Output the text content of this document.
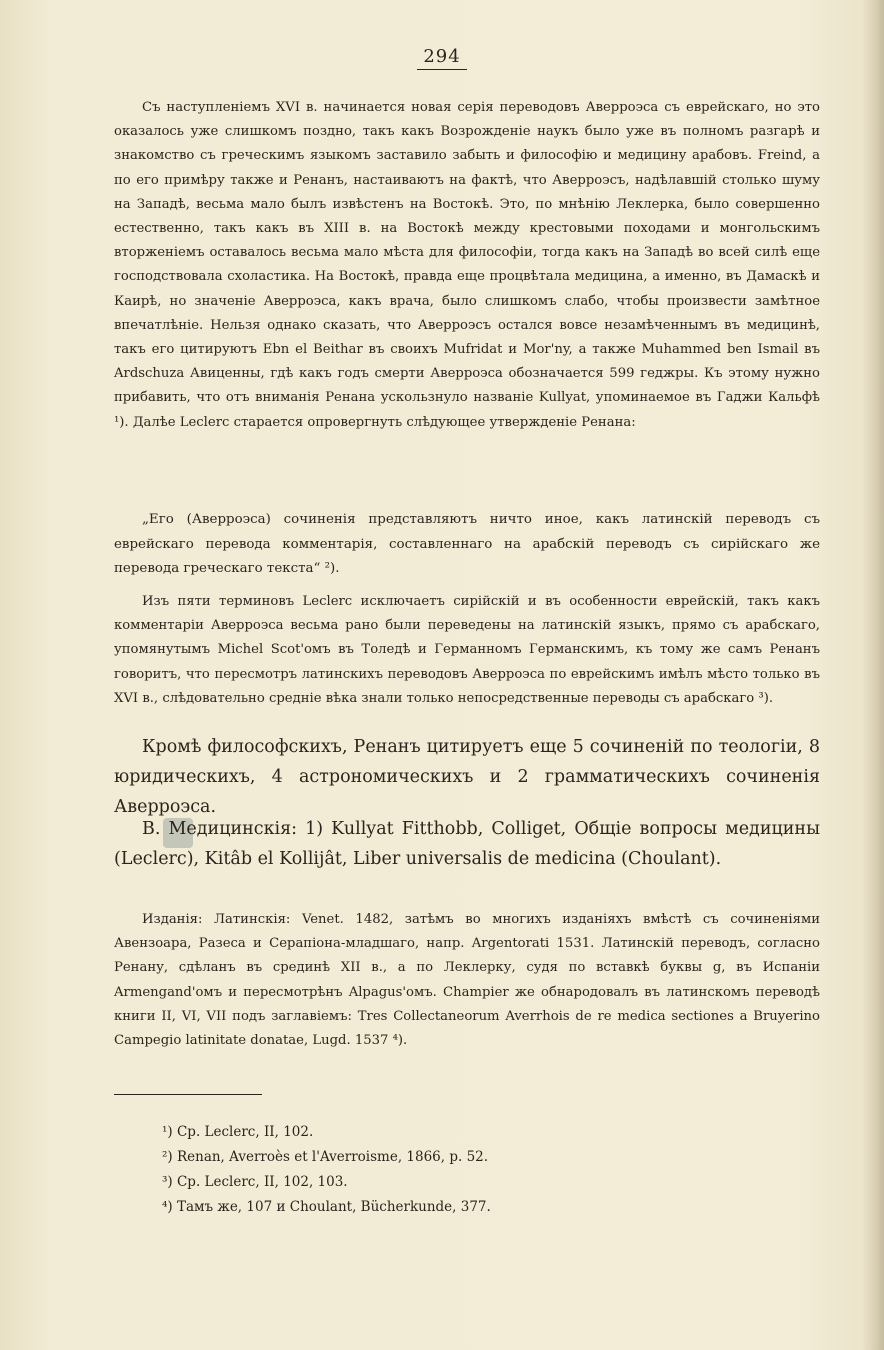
294

Съ наступленіемъ XVI в. начинается новая серія переводовъ Аверроэса съ еврейскаго, но это оказалось уже слишкомъ поздно, такъ какъ Возрожденіе наукъ было уже въ полномъ разгарѣ и знакомство съ греческимъ языкомъ заставило забыть и философію и медицину арабовъ. Freind, а по его примѣру также и Ренанъ, настаиваютъ на фактѣ, что Аверроэсъ, надѣлавшій столько шуму на Западѣ, весьма мало былъ извѣстенъ на Востокѣ. Это, по мнѣнію Леклерка, было совершенно естественно, такъ какъ въ XIII в. на Востокѣ между крестовыми походами и монгольскимъ вторженіемъ оставалось весьма мало мѣста для философіи, тогда какъ на Западѣ во всей силѣ еще господствовала схоластика. На Востокѣ, правда еще процвѣтала медицина, а именно, въ Дамаскѣ и Каирѣ, но значеніе Аверроэса, какъ врача, было слишкомъ слабо, чтобы произвести замѣтное впечатлѣніе. Нельзя однако сказать, что Аверроэсъ остался вовсе незамѣченнымъ въ медицинѣ, такъ его цитируютъ Ebn el Beithar въ своихъ Mufridat и Mor'ny, а также Muhammed ben Ismail въ Ardschuza Авиценны, гдѣ какъ годъ смерти Аверроэса обозначается 599 геджры. Къ этому нужно прибавить, что отъ вниманія Ренана ускользнуло названіе Kullyat, упоминаемое въ Гаджи Кальфѣ ¹). Далѣе Leclerc старается опровергнуть слѣдующее утвержденіе Ренана:

„Его (Аверроэса) сочиненія представляютъ ничто иное, какъ латинскій переводъ съ еврейскаго перевода комментарія, составленнаго на арабскій переводъ съ сирійскаго же перевода греческаго текста“ ²).

Изъ пяти терминовъ Leclerc исключаетъ сирійскій и въ особенности еврейскій, такъ какъ комментаріи Аверроэса весьма рано были переведены на латинскій языкъ, прямо съ арабскаго, упомянутымъ Michel Scot'омъ въ Толедѣ и Германномъ Германскимъ, къ тому же самъ Ренанъ говоритъ, что пересмотръ латинскихъ переводовъ Аверроэса по еврейскимъ имѣлъ мѣсто только въ XVI в., слѣдовательно средніе вѣка знали только непосредственные переводы съ арабскаго ³).

Кромѣ философскихъ, Ренанъ цитируетъ еще 5 сочиненій по теологіи, 8 юридическихъ, 4 астрономическихъ и 2 грамматическихъ сочиненія Аверроэса.

B. Медицинскія: 1) Kullyat Fitthobb, Colliget, Общіе вопросы медицины (Leclerc), Kitâb el Kollijât, Liber universalis de medicina (Choulant).

Изданія: Латинскія: Venet. 1482, затѣмъ во многихъ изданіяхъ вмѣстѣ съ сочиненіями Авензоара, Разеса и Серапіона-младшаго, напр. Argentorati 1531. Латинскій переводъ, согласно Ренану, сдѣланъ въ срединѣ XII в., а по Леклерку, судя по вставкѣ буквы g, въ Испаніи Armengand'омъ и пересмотрѣнъ Alpagus'омъ. Champier же обнародовалъ въ латинскомъ переводѣ книги II, VI, VII подъ заглавіемъ: Tres Collectaneorum Averrhois de re medica sectiones a Bruyerino Campegio latinitate donatae, Lugd. 1537 ⁴).

¹) Ср. Leclerc, II, 102.
²) Renan, Averroès et l'Averroisme, 1866, p. 52.
³) Ср. Leclerc, II, 102, 103.
⁴) Тамъ же, 107 и Choulant, Bücherkunde, 377.
